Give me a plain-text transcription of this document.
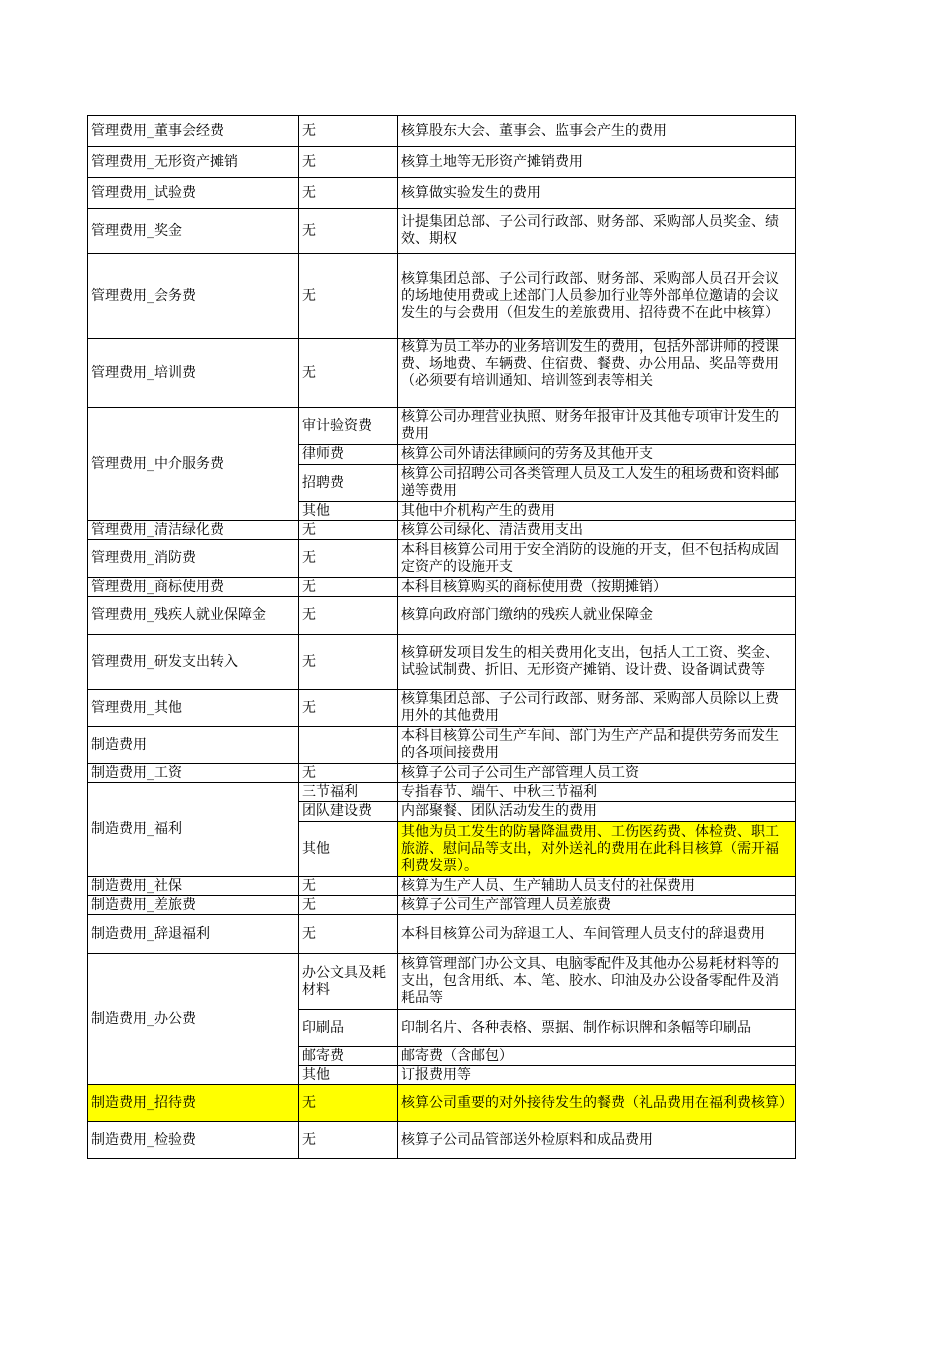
管理费用_董事会经费	无	核算股东大会、董事会、监事会产生的费用
管理费用_无形资产摊销	无	核算土地等无形资产摊销费用
管理费用_试验费	无	核算做实验发生的费用
管理费用_奖金	无	计提集团总部、子公司行政部、财务部、采购部人员奖金、绩效、期权
管理费用_会务费	无	核算集团总部、子公司行政部、财务部、采购部人员召开会议的场地使用费或上述部门人员参加行业等外部单位邀请的会议发生的与会费用（但发生的差旅费用、招待费不在此中核算）
管理费用_培训费	无	核算为员工举办的业务培训发生的费用，包括外部讲师的授课费、场地费、车辆费、住宿费、餐费、办公用品、奖品等费用（必须要有培训通知、培训签到表等相关

管理费用_中介服务费	审计验资费	核算公司办理营业执照、财务年报审计及其他专项审计发生的费用
	律师费	核算公司外请法律顾问的劳务及其他开支
	招聘费	核算公司招聘公司各类管理人员及工人发生的租场费和资料邮递等费用
	其他	其他中介机构产生的费用
管理费用_清洁绿化费	无	核算公司绿化、清洁费用支出
管理费用_消防费	无	本科目核算公司用于安全消防的设施的开支，但不包括构成固定资产的设施开支
管理费用_商标使用费	无	本科目核算购买的商标使用费（按期摊销）
管理费用_残疾人就业保障金	无	核算向政府部门缴纳的残疾人就业保障金
管理费用_研发支出转入	无	核算研发项目发生的相关费用化支出，包括人工工资、奖金、试验试制费、折旧、无形资产摊销、设计费、设备调试费等
管理费用_其他	无	核算集团总部、子公司行政部、财务部、采购部人员除以上费用外的其他费用
制造费用		本科目核算公司生产车间、部门为生产产品和提供劳务而发生的各项间接费用
制造费用_工资	无	核算子公司子公司生产部管理人员工资
制造费用_福利	三节福利	专指春节、端午、中秋三节福利
	团队建设费	内部聚餐、团队活动发生的费用
	其他	其他为员工发生的防暑降温费用、工伤医药费、体检费、职工旅游、慰问品等支出，对外送礼的费用在此科目核算（需开福利费发票）。
制造费用_社保	无	核算为生产人员、生产辅助人员支付的社保费用
制造费用_差旅费	无	核算子公司生产部管理人员差旅费
制造费用_辞退福利	无	本科目核算公司为辞退工人、车间管理人员支付的辞退费用
制造费用_办公费	办公文具及耗材料	核算管理部门办公文具、电脑零配件及其他办公易耗材料等的支出，包含用纸、本、笔、胶水、印油及办公设备零配件及消耗品等
	印刷品	印制名片、各种表格、票据、制作标识牌和条幅等印刷品
	邮寄费	邮寄费（含邮包）
	其他	订报费用等
制造费用_招待费	无	核算公司重要的对外接待发生的餐费（礼品费用在福利费核算）
制造费用_检验费	无	核算子公司品管部送外检原料和成品费用
